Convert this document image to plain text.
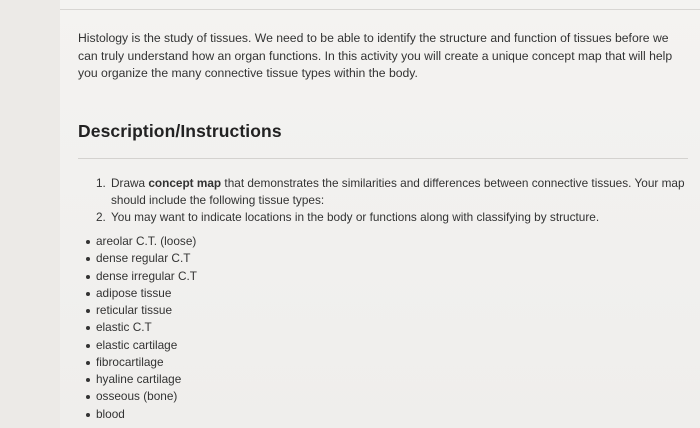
Histology is the study of tissues. We need to be able to identify the structure and function of tissues before we can truly understand how an organ functions. In this activity you will create a unique concept map that will help you organize the many connective tissue types within the body.

Description/Instructions
1. Drawa concept map that demonstrates the similarities and differences between connective tissues. Your map should include the following tissue types:
2. You may want to indicate locations in the body or functions along with classifying by structure.
areolar C.T. (loose)
dense regular C.T
dense irregular C.T
adipose tissue
reticular tissue
elastic C.T
elastic cartilage
fibrocartilage
hyaline cartilage
osseous (bone)
blood
